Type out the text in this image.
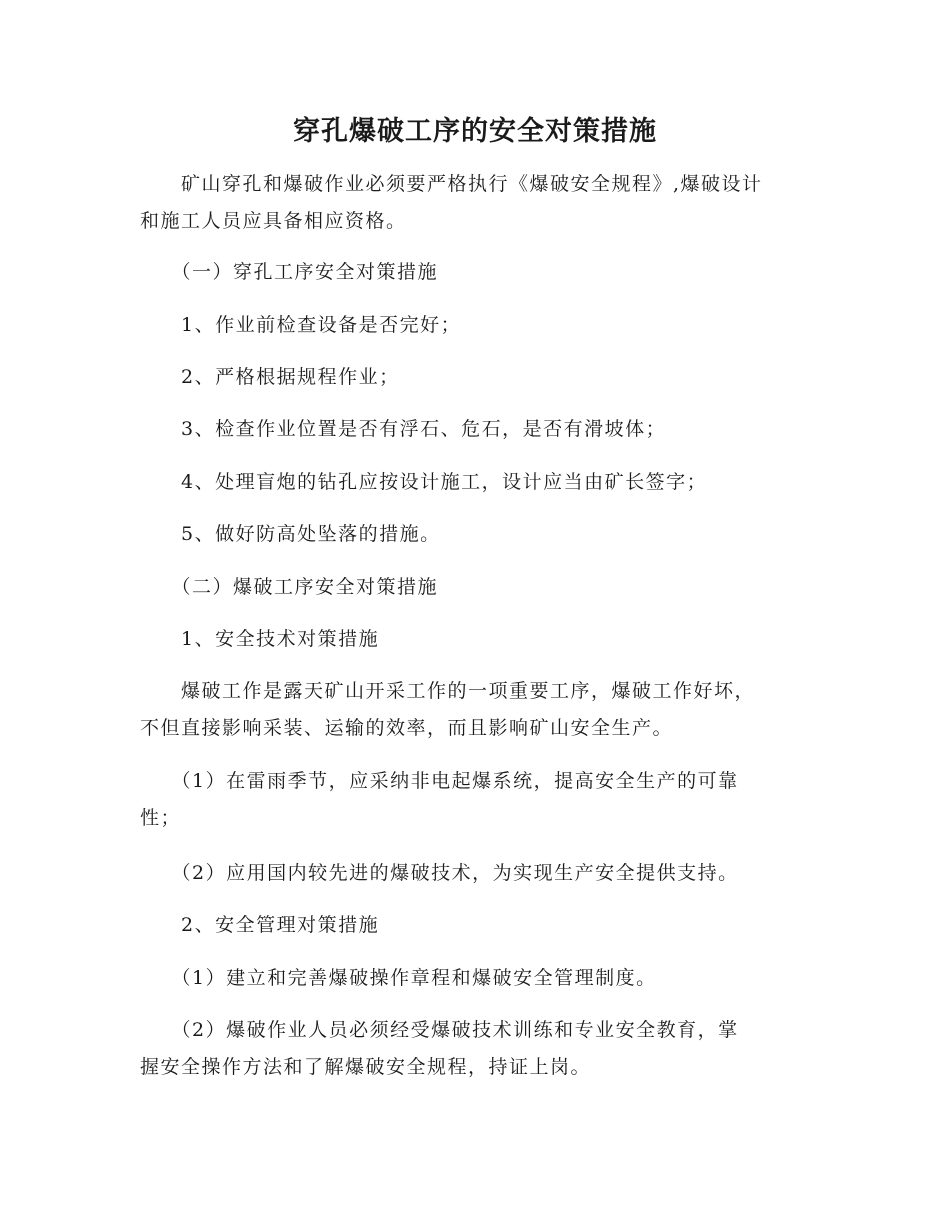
穿孔爆破工序的安全对策措施
　　矿山穿孔和爆破作业必须要严格执行《爆破安全规程》,爆破设计
和施工人员应具备相应资格。
　　（一）穿孔工序安全对策措施
　　1、作业前检查设备是否完好；
　　2、严格根据规程作业；
　　3、检查作业位置是否有浮石、危石，是否有滑坡体；
　　4、处理盲炮的钻孔应按设计施工，设计应当由矿长签字；
　　5、做好防高处坠落的措施。
　　（二）爆破工序安全对策措施
　　1、安全技术对策措施
　　爆破工作是露天矿山开采工作的一项重要工序，爆破工作好坏，
不但直接影响采装、运输的效率，而且影响矿山安全生产。
　　（1）在雷雨季节，应采纳非电起爆系统，提高安全生产的可靠
性；
　　（2）应用国内较先进的爆破技术，为实现生产安全提供支持。
　　2、安全管理对策措施
　　（1）建立和完善爆破操作章程和爆破安全管理制度。
　　（2）爆破作业人员必须经受爆破技术训练和专业安全教育，掌
握安全操作方法和了解爆破安全规程，持证上岗。
